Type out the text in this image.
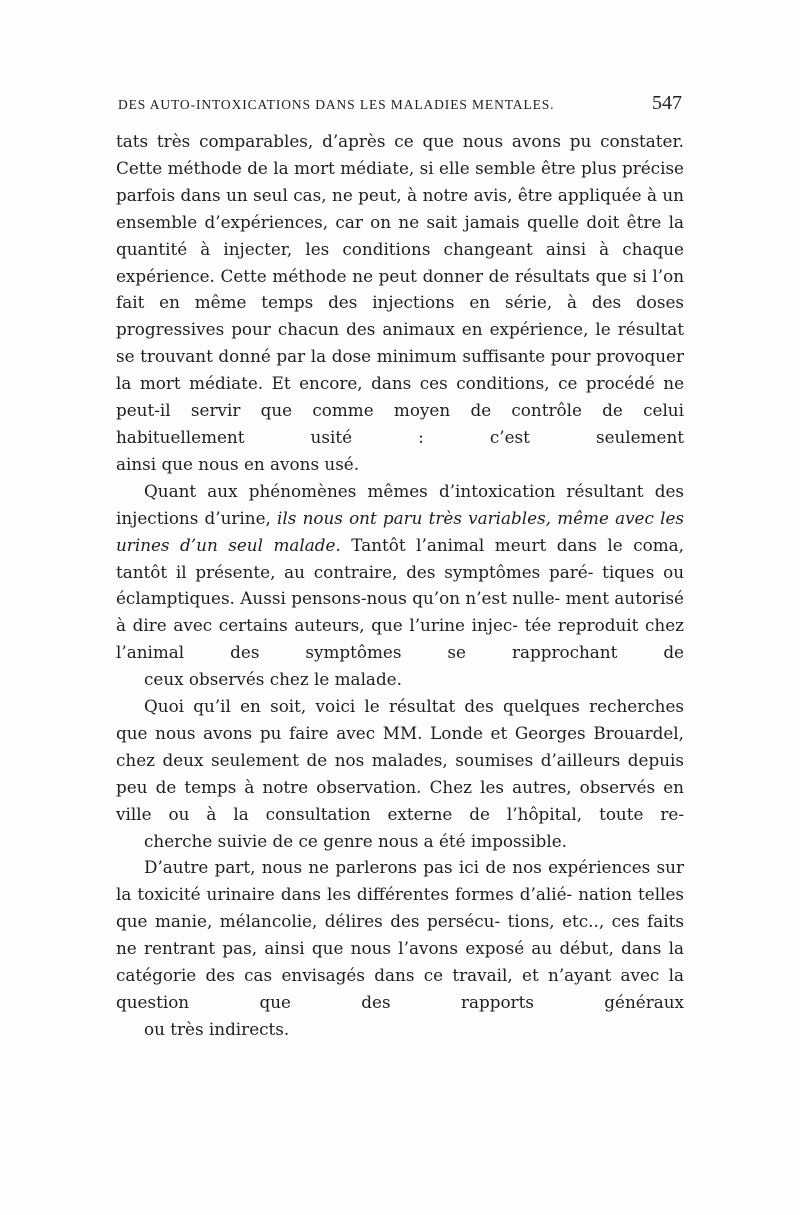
DES AUTO-INTOXICATIONS DANS LES MALADIES MENTALES.	547

tats très comparables, d’après ce que nous avons pu constater. Cette méthode de la mort médiate, si elle semble être plus précise parfois dans un seul cas, ne peut, à notre avis, être appliquée à un ensemble d’expériences, car on ne sait jamais quelle doit être la quantité à injecter, les conditions changeant ainsi à chaque expérience. Cette méthode ne peut donner de résultats que si l’on fait en même temps des injections en série, à des doses progressives pour chacun des animaux en expérience, le résultat se trouvant donné par la dose minimum suffisante pour provoquer la mort médiate. Et encore, dans ces conditions, ce procédé ne peut-il servir que comme moyen de contrôle de celui habituellement usité : c’est seulement
ainsi que nous en avons usé.

Quant aux phénomènes mêmes d’intoxication résultant des injections d’urine, ils nous ont paru très variables, même avec les urines d’un seul malade. Tantôt l’animal meurt dans le coma, tantôt il présente, au contraire, des symptômes paré- tiques ou éclamptiques. Aussi pensons-nous qu’on n’est nulle- ment autorisé à dire avec certains auteurs, que l’urine injec- tée reproduit chez l’animal des symptômes se rapprochant de
ceux observés chez le malade.

Quoi qu’il en soit, voici le résultat des quelques recherches que nous avons pu faire avec MM. Londe et Georges Brouardel, chez deux seulement de nos malades, soumises d’ailleurs depuis peu de temps à notre observation. Chez les autres, observés en ville ou à la consultation externe de l’hôpital, toute re-
cherche suivie de ce genre nous a été impossible.

D’autre part, nous ne parlerons pas ici de nos expériences sur la toxicité urinaire dans les différentes formes d’alié- nation telles que manie, mélancolie, délires des persécu- tions, etc.., ces faits ne rentrant pas, ainsi que nous l’avons exposé au début, dans la catégorie des cas envisagés dans ce travail, et n’ayant avec la question que des rapports généraux
ou très indirects.
